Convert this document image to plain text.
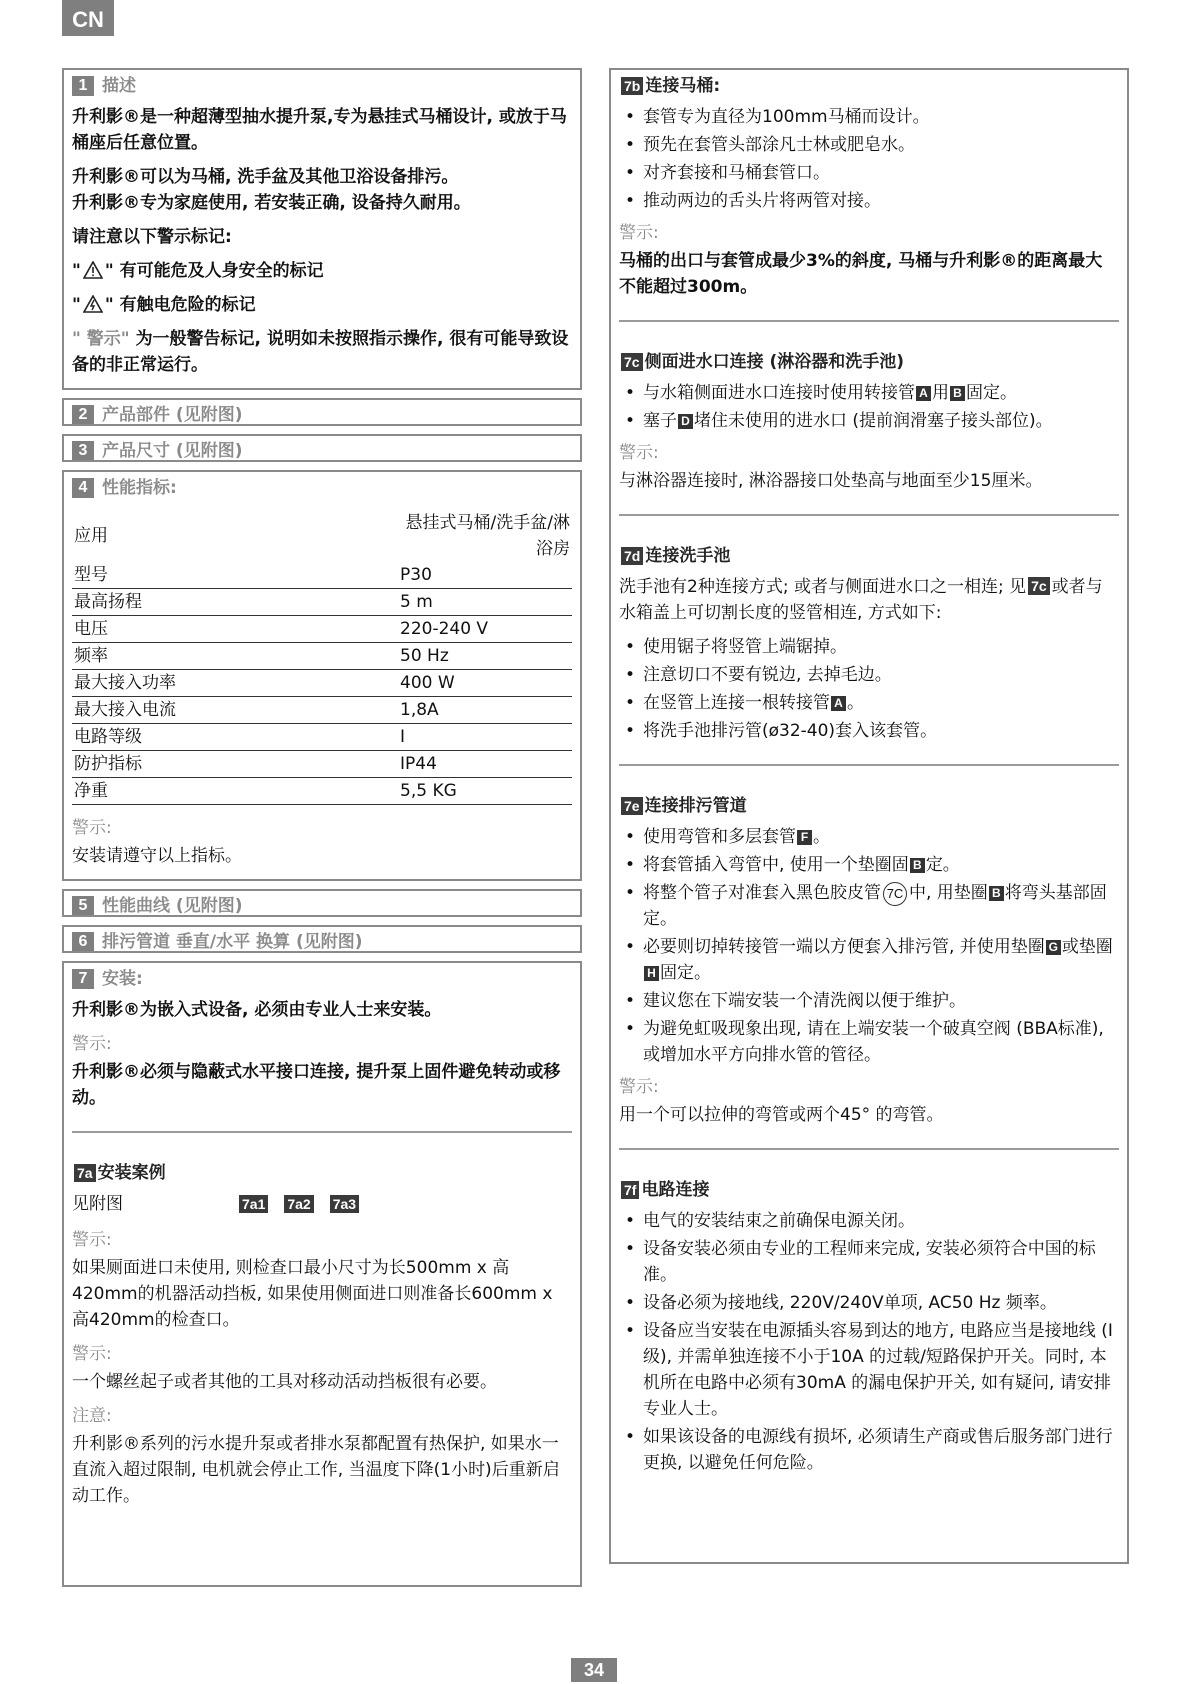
CN
1 描述

升利影®是一种超薄型抽水提升泵,专为悬挂式马桶设计, 或放于马桶座后任意位置。

升利影®可以为马桶, 洗手盆及其他卫浴设备排污。

升利影®专为家庭使用, 若安装正确, 设备持久耐用。

请注意以下警示标记:

" " 有可能危及人身安全的标记

" " 有触电危险的标记

" 警示" 为一般警告标记, 说明如未按照指示操作, 很有可能导致设备的非正常运行。

2 产品部件 (见附图)
3 产品尺寸 (见附图)
4 性能指标:
应用	悬挂式马桶/洗手盆/淋浴房
型号	P30
最高扬程	5 m
电压	220-240 V
频率	50 Hz
最大接入功率	400 W
最大接入电流	1,8A
电路等级	I
防护指标	IP44
净重	5,5 KG

警示:

安装请遵守以上指标。

5 性能曲线 (见附图)
6 排污管道 垂直/水平 换算 (见附图)
7 安装:

升利影®为嵌入式设备, 必须由专业人士来安装。

警示:

升利影®必须与隐蔽式水平接口连接, 提升泵上固件避免转动或移动。

7a 安装案例
见附图	7a1 7a2 7a3

警示:

如果厕面进口未使用, 则检查口最小尺寸为长500mm x 高420mm的机器活动挡板, 如果使用侧面进口则准备长600mm x 高420mm的检查口。

警示:

一个螺丝起子或者其他的工具对移动活动挡板很有必要。

注意:

升利影®系列的污水提升泵或者排水泵都配置有热保护, 如果水一直流入超过限制, 电机就会停止工作, 当温度下降(1小时)后重新启动工作。

7b 连接马桶:
• 套管专为直径为100mm马桶而设计。
• 预先在套管头部涂凡士林或肥皂水。
• 对齐套接和马桶套管口。
• 推动两边的舌头片将两管对接。

警示:

马桶的出口与套管成最少3%的斜度, 马桶与升利影®的距离最大不能超过300m。

7c 侧面进水口连接 (淋浴器和洗手池)
• 与水箱侧面进水口连接时使用转接管 A 用 B 固定。
• 塞子 D 堵住未使用的进水口 (提前润滑塞子接头部位)。

警示:

与淋浴器连接时, 淋浴器接口处垫高与地面至少15厘米。

7d 连接洗手池

洗手池有2种连接方式; 或者与侧面进水口之一相连; 见 7c 或者与水箱盖上可切割长度的竖管相连, 方式如下:

• 使用锯子将竖管上端锯掉。
• 注意切口不要有锐边, 去掉毛边。
• 在竖管上连接一根转接管 A 。
• 将洗手池排污管(ø32-40)套入该套管。
7e 连接排污管道
• 使用弯管和多层套管 F 。
• 将套管插入弯管中, 使用一个垫圈固 B 定。
• 将整个管子对准套入黑色胶皮管 7C 中, 用垫圈 B 将弯头基部固定。
• 必要则切掉转接管一端以方便套入排污管, 并使用垫圈 G 或垫圈H 固定。
• 建议您在下端安装一个清洗阀以便于维护。
• 为避免虹吸现象出现, 请在上端安装一个破真空阀 (BBA标准), 或增加水平方向排水管的管径。

警示:

用一个可以拉伸的弯管或两个45° 的弯管。

7f 电路连接
• 电气的安装结束之前确保电源关闭。
• 设备安装必须由专业的工程师来完成, 安装必须符合中国的标准。
• 设备必须为接地线, 220V/240V单项, AC50 Hz 频率。
• 设备应当安装在电源插头容易到达的地方, 电路应当是接地线 (I级), 并需单独连接不小于10A 的过载/短路保护开关。同时, 本机所在电路中必须有30mA 的漏电保护开关, 如有疑问, 请安排专业人士。
• 如果该设备的电源线有损坏, 必须请生产商或售后服务部门进行更换, 以避免任何危险。
34
